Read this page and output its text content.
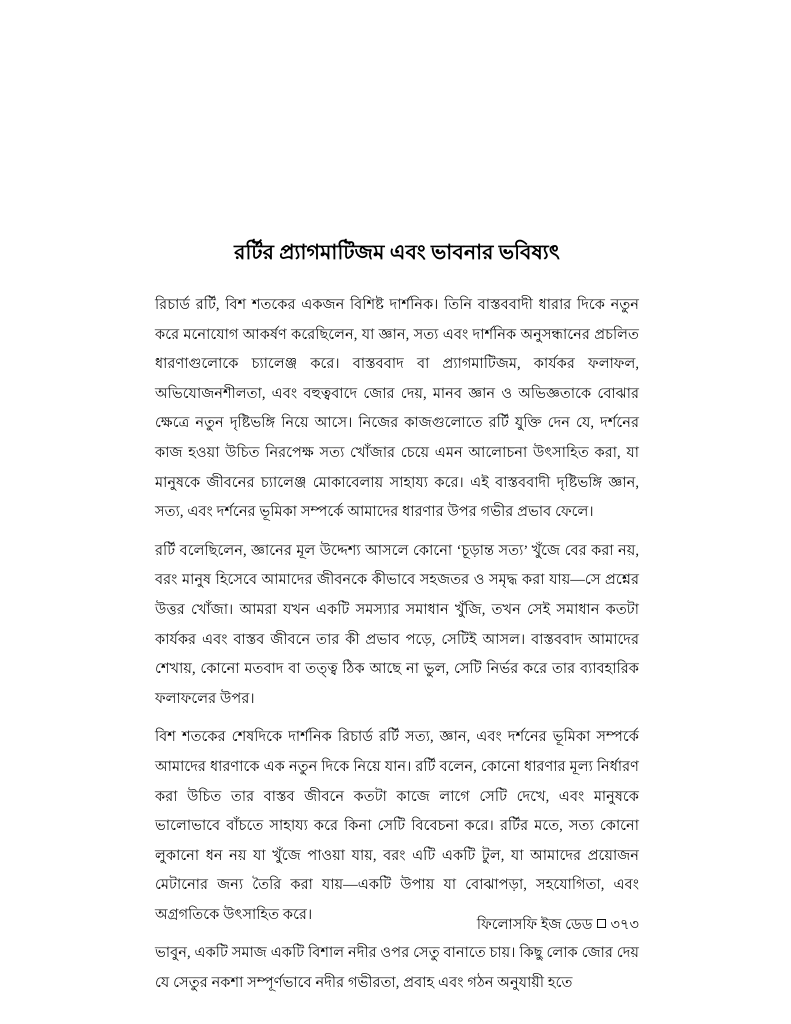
রর্টির প্র্যাগমাটিজম এবং ভাবনার ভবিষ্যৎ

রিচার্ড রর্টি, বিশ শতকের একজন বিশিষ্ট দার্শনিক। তিনি বাস্তববাদী ধারার দিকে নতুন করে মনোযোগ আকর্ষণ করেছিলেন, যা জ্ঞান, সত্য এবং দার্শনিক অনুসন্ধানের প্রচলিত ধারণাগুলোকে চ্যালেঞ্জ করে। বাস্তববাদ বা প্র্যাগমাটিজম, কার্যকর ফলাফল, অভিযোজনশীলতা, এবং বহুত্ববাদে জোর দেয়, মানব জ্ঞান ও অভিজ্ঞতাকে বোঝার ক্ষেত্রে নতুন দৃষ্টিভঙ্গি নিয়ে আসে। নিজের কাজগুলোতে রর্টি যুক্তি দেন যে, দর্শনের কাজ হওয়া উচিত নিরপেক্ষ সত্য খোঁজার চেয়ে এমন আলোচনা উৎসাহিত করা, যা মানুষকে জীবনের চ্যালেঞ্জ মোকাবেলায় সাহায্য করে। এই বাস্তববাদী দৃষ্টিভঙ্গি জ্ঞান, সত্য, এবং দর্শনের ভূমিকা সম্পর্কে আমাদের ধারণার উপর গভীর প্রভাব ফেলে।

রর্টি বলেছিলেন, জ্ঞানের মূল উদ্দেশ্য আসলে কোনো ‘চূড়ান্ত সত্য’ খুঁজে বের করা নয়, বরং মানুষ হিসেবে আমাদের জীবনকে কীভাবে সহজতর ও সমৃদ্ধ করা যায়—সে প্রশ্নের উত্তর খোঁজা। আমরা যখন একটি সমস্যার সমাধান খুঁজি, তখন সেই সমাধান কতটা কার্যকর এবং বাস্তব জীবনে তার কী প্রভাব পড়ে, সেটিই আসল। বাস্তববাদ আমাদের শেখায়, কোনো মতবাদ বা তত্ত্ব ঠিক আছে না ভুল, সেটি নির্ভর করে তার ব্যাবহারিক ফলাফলের উপর।

বিশ শতকের শেষদিকে দার্শনিক রিচার্ড রর্টি সত্য, জ্ঞান, এবং দর্শনের ভূমিকা সম্পর্কে আমাদের ধারণাকে এক নতুন দিকে নিয়ে যান। রর্টি বলেন, কোনো ধারণার মূল্য নির্ধারণ করা উচিত তার বাস্তব জীবনে কতটা কাজে লাগে সেটি দেখে, এবং মানুষকে ভালোভাবে বাঁচতে সাহায্য করে কিনা সেটি বিবেচনা করে। রর্টির মতে, সত্য কোনো লুকানো ধন নয় যা খুঁজে পাওয়া যায়, বরং এটি একটি টুল, যা আমাদের প্রয়োজন মেটানোর জন্য তৈরি করা যায়—একটি উপায় যা বোঝাপড়া, সহযোগিতা, এবং অগ্রগতিকে উৎসাহিত করে।

ভাবুন, একটি সমাজ একটি বিশাল নদীর ওপর সেতু বানাতে চায়। কিছু লোক জোর দেয় যে সেতুর নকশা সম্পূর্ণভাবে নদীর গভীরতা, প্রবাহ এবং গঠন অনুযায়ী হতে

ফিলোসফি ইজ ডেড ৩৭৩
